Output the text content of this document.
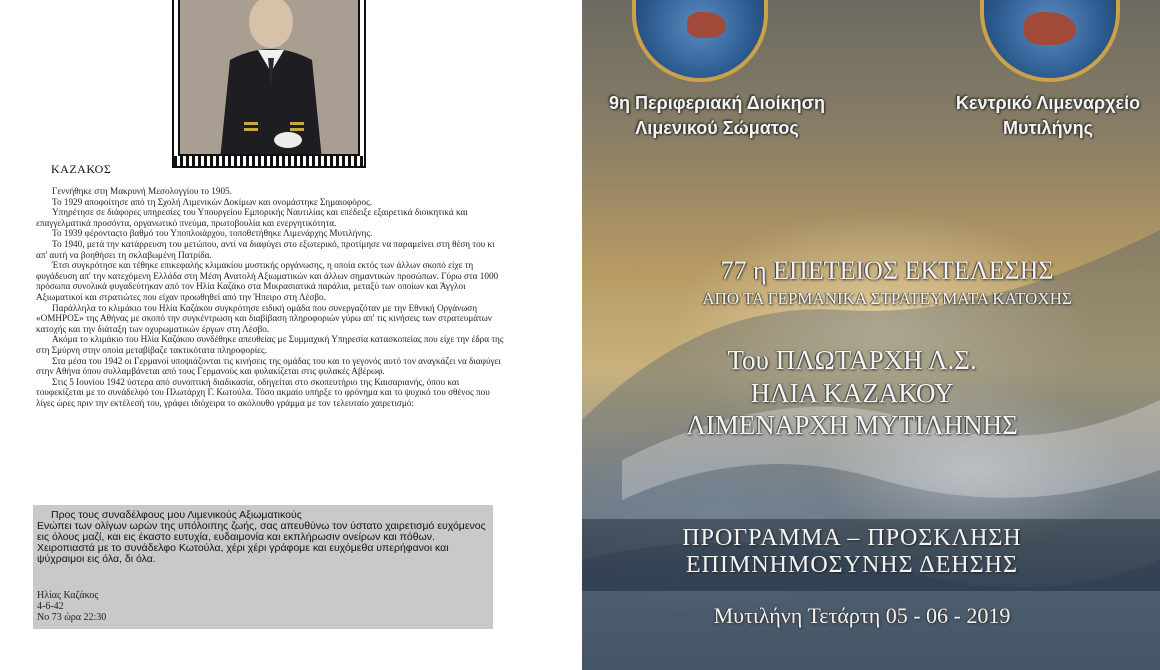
ΚΑΖΑΚΟΣ

Γεννήθηκε στη Μακρυνή Μεσολογγίου το 1905.

Το 1929 αποφοίτησε από τη Σχολή Λιμενικών Δοκίμων και ονομάστηκε Σημαιοφόρος.

Υπηρέτησε σε διάφορες υπηρεσίες του Υπουργείου Εμπορικής Ναυτιλίας και επέδειξε εξαιρετικά διοικητικά και επαγγελματικά προσόντα, οργανωτικό πνεύμα, πρωτοβουλία και ενεργητικότητα.

Το 1939 φέρονταςτο βαθμό του Υποπλοιάρχου, τοποθετήθηκε Λιμενάρχης Μυτιλήνης.

Το 1940, μετά την κατάρρευση του μετώπου, αντί να διαφύγει στο εξωτερικό, προτίμησε να παραμείνει στη θέση του κι απ' αυτή να βοηθήσει τη σκλαβωμένη Πατρίδα.

Έτσι συγκρότησε και τέθηκε επικεφαλής κλιμακίου μυστικής οργάνωσης, η οποία εκτός των άλλων σκοπό είχε τη φυγάδευση απ' την κατεχόμενη Ελλάδα στη Μέση Ανατολή Αξιωματικών και άλλων σημαντικών προσώπων. Γύρω στα 1000 πρόσωπα συνολικά φυγαδεύτηκαν από τον Ηλία Καζάκο στα Μικρασιατικά παράλια, μεταξύ των οποίων και Άγγλοι Αξιωματικοί και στρατιώτες που είχαν προωθηθεί από την Ήπειρο στη Λέσβο.

Παράλληλα το κλιμάκιο του Ηλία Καζάκου συγκρότησε ειδική ομάδα που συνεργαζόταν με την Εθνική Οργάνωση «ΟΜΗΡΟΣ» της Αθήνας με σκοπό την συγκέντρωση και διαβίβαση πληροφοριών γύρω απ' τις κινήσεις των στρατευμάτων κατοχής και την διάταξη των οχυρωματικών έργων στη Λέσβο.

Ακόμα το κλιμάκιο του Ηλία Καζάκου συνδέθηκε απευθείας με Συμμαχική Υπηρεσία κατασκοπείας που είχε την έδρα της στη Σμύρνη στην οποία μεταβίβαζε τακτικότατα πληροφορίες.

Στα μέσα του 1942 οι Γερμανοί υποψιάζονται τις κινήσεις της ομάδας του και το γεγονός αυτό τον αναγκάζει να διαφύγει στην Αθήνα όπου συλλαμβάνεται από τους Γερμανούς και φυλακίζεται στις φυλακές Αβέρωφ.

Στις 5 Ιουνίου 1942 ύστερα από συνοπτική διαδικασία, οδηγείται στο σκοπευτήριο της Καισαριανής, όπου και τουφεκίζεται με το συνάδελφό του Πλωτάρχη Γ. Κωτούλα. Τόσο ακμαίο υπήρξε το φρόνημα και το ψυχικό του σθένος που λίγες ώρες πριν την εκτέλεσή του, γράφει ιδιόχειρα το ακόλουθο γράμμα με τον τελευταίο χαιρετισμό:

Προς τους συναδέλφους μου Λιμενικούς Αξιωματικούς

Ενώπει των ολίγων ωρών της υπόλοιπης ζωής, σας απευθύνω τον ύστατο χαιρετισμό ευχόμενος εις όλους μαζί, και εις έκαστο ευτυχία, ευδαιμονία και εκπλήρωσιν ονείρων και πόθων.

Χειροπιαστά με το συνάδελφο Κωτούλα, χέρι χέρι γράφομε και ευχόμεθα υπερήφανοι και ψύχραιμοι εις όλα, δι όλα.

Ηλίας Καζάκος
4-6-42
Νο 73 ώρα 22:30
9η Περιφεριακή Διοίκηση
Λιμενικού Σώματος
Κεντρικό Λιμεναρχείο
Μυτιλήνης
77 η ΕΠΕΤΕΙΟΣ ΕΚΤΕΛΕΣΗΣ
ΑΠΟ ΤΑ ΓΕΡΜΑΝΙΚΑ ΣΤΡΑΤΕΥΜΑΤΑ ΚΑΤΟΧΗΣ
Του ΠΛΩΤΑΡΧΗ Λ.Σ.
ΗΛΙΑ ΚΑΖΑΚΟΥ
ΛΙΜΕΝΑΡΧΗ ΜΥΤΙΛΗΝΗΣ
ΠΡΟΓΡΑΜΜΑ – ΠΡΟΣΚΛΗΣΗ
ΕΠΙΜΝΗΜΟΣΥΝΗΣ ΔΕΗΣΗΣ
Μυτιλήνη Τετάρτη 05 - 06 - 2019
